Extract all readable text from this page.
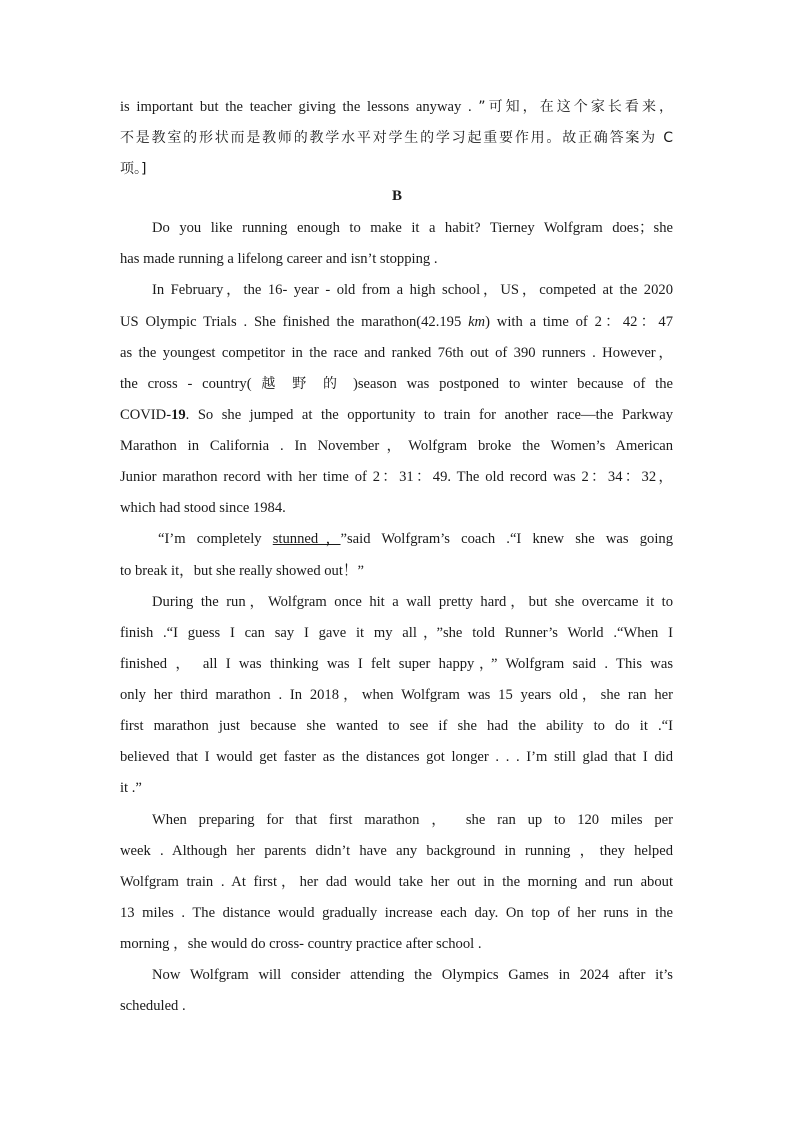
is important but the teacher giving the lessons anyway . ”可知，在这个家长看来，
不是教室的形状而是教师的教学水平对学生的学习起重要作用。故正确答案为 C
项。]
B
Do you like running enough to make it a habit? Tierney Wolfgram does；she
has made running a lifelong career and isn’t stopping .
In February，the 16- year - old from a high school，US，competed at the 2020
US Olympic Trials . She finished the marathon(42.195 km) with a time of 2：42：47
as the youngest competitor in the race and ranked 76th out of 390 runners . However，
the cross - country( 越 野 的 )season was postponed to winter because of the
COVID-19. So she jumped at the opportunity to train for another race—the Parkway
Marathon in California . In November，Wolfgram broke the Women’s American
Junior marathon record with her time of 2：31：49. The old record was 2：34：32，
which had stood since 1984.
“I’m completely stunned，”said Wolfgram’s coach .“I knew she was going
to break it，but she really showed out！”
During the run，Wolfgram once hit a wall pretty hard，but she overcame it to
finish .“I guess I can say I gave it my all，”she told Runner’s World .“When I
finished ， all I was thinking was I felt super happy，” Wolfgram said . This was
only her third marathon . In 2018，when Wolfgram was 15 years old，she ran her
first marathon just because she wanted to see if she had the ability to do it .“I
believed that I would get faster as the distances got longer . . . I’m still glad that I did
it .”
When preparing for that first marathon ， she ran up to 120 miles per
week . Although her parents didn’t have any background in running ，they helped
Wolfgram train . At first，her dad would take her out in the morning and run about
13 miles . The distance would gradually increase each day. On top of her runs in the
morning ，she would do cross- country practice after school .
Now Wolfgram will consider attending the Olympics Games in 2024 after it’s
scheduled .
